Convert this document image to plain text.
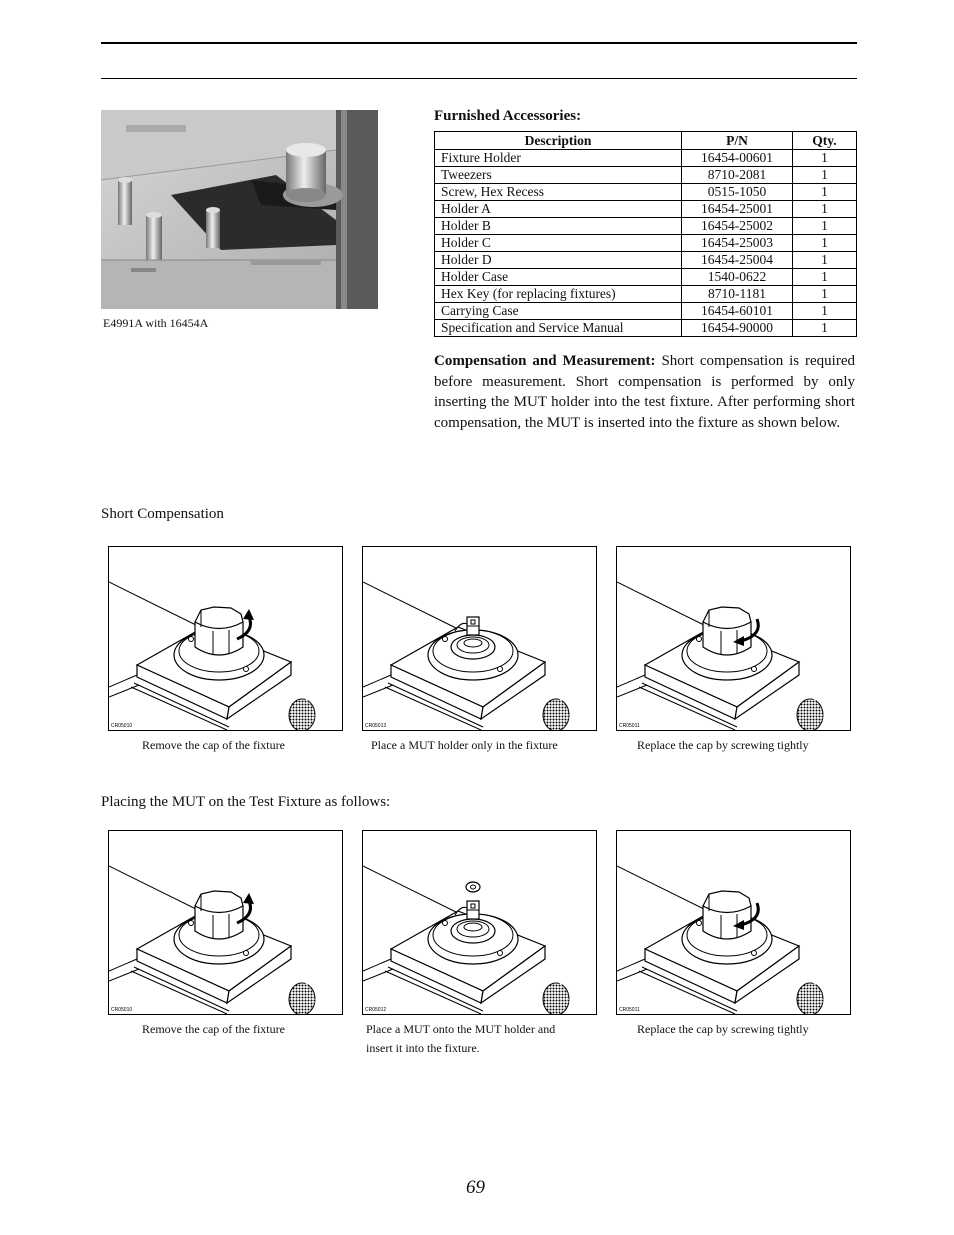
E4991A with 16454A
Furnished Accessories:
Description	P/N	Qty.
Fixture Holder	16454-00601	1
Tweezers	8710-2081	1
Screw, Hex Recess	0515-1050	1
Holder A	16454-25001	1
Holder B	16454-25002	1
Holder C	16454-25003	1
Holder D	16454-25004	1
Holder Case	1540-0622	1
Hex Key (for replacing fixtures)	8710-1181	1
Carrying Case	16454-60101	1
Specification and Service Manual	16454-90000	1
Compensation and Measurement: Short compensation is required before measurement. Short compensation is performed by only inserting the MUT holder into the test fixture. After performing short compensation, the MUT is inserted into the fixture as shown below.
Short Compensation
CR05010	CR05013	CR05011
Remove the cap of the fixture	Place a MUT holder only in the fixture	Replace the cap by screwing tightly
Placing the MUT on the Test Fixture as follows:
CR05010	CR05012	CR05011
Remove the cap of the fixture	Place a MUT onto the MUT holder and
insert it into the fixture.
Replace the cap by screwing tightly
69
